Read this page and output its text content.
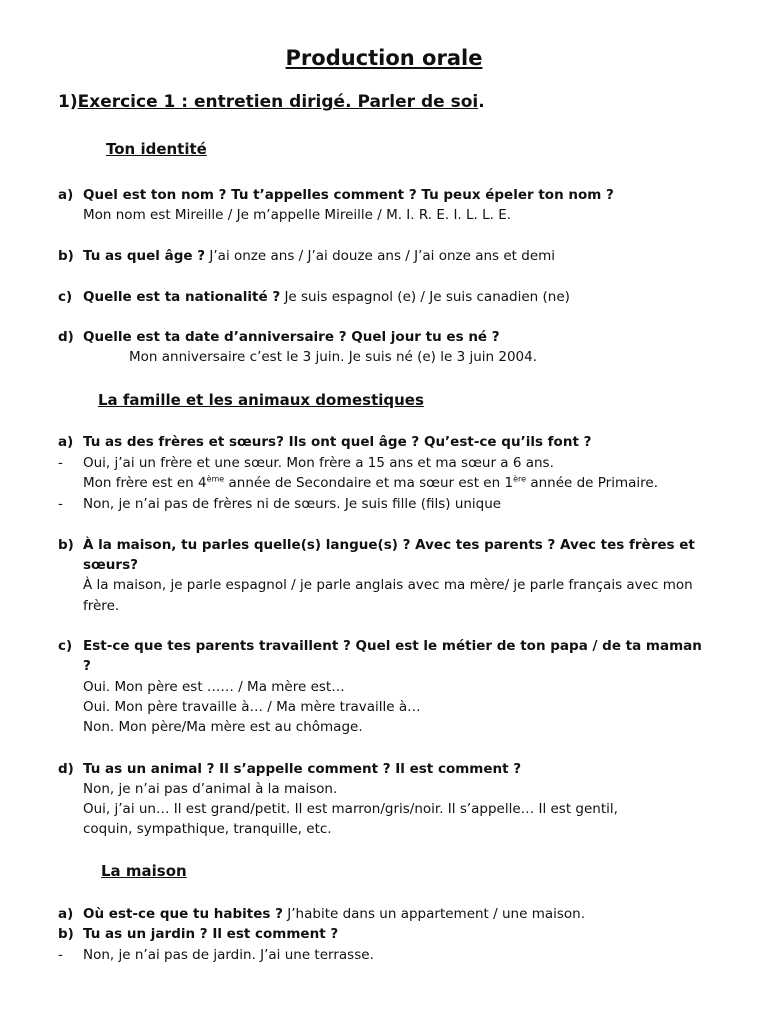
Production orale
1)Exercice 1 : entretien dirigé. Parler de soi.
Ton identité
a) Quel est ton nom ? Tu t’appelles comment ? Tu peux épeler ton nom ?
Mon nom est Mireille / Je m’appelle Mireille / M. I. R. E. I. L. L. E.
b) Tu as quel âge ? J’ai onze ans / J’ai douze ans / J’ai onze ans et demi
c) Quelle est ta nationalité ? Je suis espagnol (e) / Je suis canadien (ne)
d) Quelle est ta date d’anniversaire ? Quel jour tu es né ?
Mon anniversaire c’est le 3 juin. Je suis né (e) le 3 juin 2004.
La famille et les animaux domestiques
a) Tu as des frères et sœurs? Ils ont quel âge ? Qu’est-ce qu’ils font ?
- Oui, j’ai un frère et une sœur. Mon frère a 15 ans et ma sœur a 6 ans.
Mon frère est en 4ème année de Secondaire et ma sœur est en 1ère année de Primaire.
- Non, je n’ai pas de frères ni de sœurs. Je suis fille (fils) unique
b) À la maison, tu parles quelle(s) langue(s) ? Avec tes parents ? Avec tes frères et
sœurs?
À la maison, je parle espagnol / je parle anglais avec ma mère/ je parle français avec mon
frère.
c) Est-ce que tes parents travaillent ? Quel est le métier de ton papa / de ta maman
?
Oui. Mon père est …… / Ma mère est…
Oui. Mon père travaille à… / Ma mère travaille à…
Non. Mon père/Ma mère est au chômage.
d) Tu as un animal ? Il s’appelle comment ? Il est comment ?
Non, je n’ai pas d’animal à la maison.
Oui, j’ai un… Il est grand/petit. Il est marron/gris/noir. Il s’appelle… Il est gentil,
coquin, sympathique, tranquille, etc.
La maison
a) Où est-ce que tu habites ? J’habite dans un appartement / une maison.
b) Tu as un jardin ? Il est comment ?
- Non, je n’ai pas de jardin. J’ai une terrasse.
